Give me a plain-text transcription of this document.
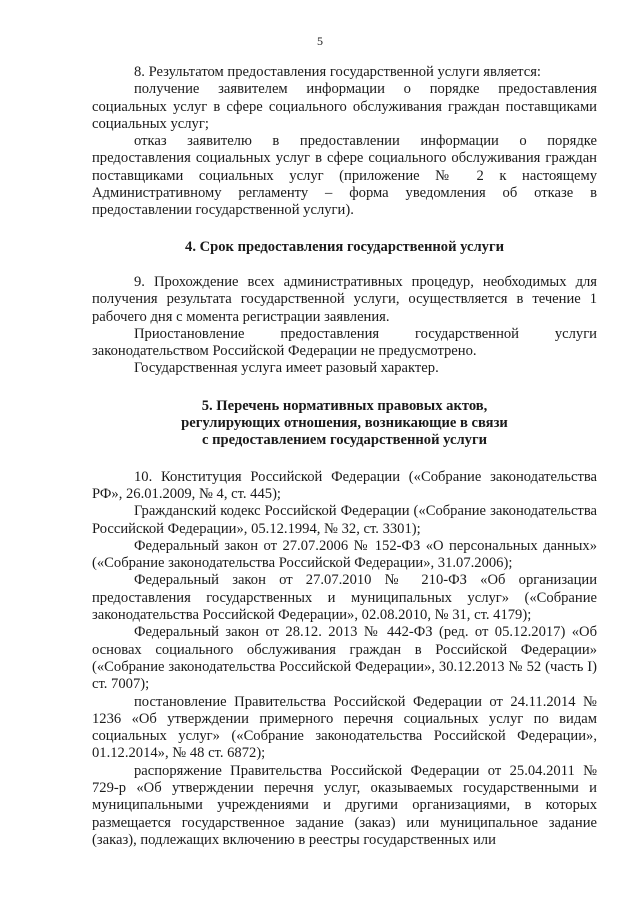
5

8. Результатом предоставления государственной услуги является:

получение заявителем информации о порядке предоставления социальных услуг в сфере социального обслуживания граждан поставщиками социальных услуг;

отказ заявителю в предоставлении информации о порядке предоставления социальных услуг в сфере социального обслуживания граждан поставщиками социальных услуг (приложение № 2 к настоящему Административному регламенту – форма уведомления об отказе в предоставлении государственной услуги).

4. Срок предоставления государственной услуги

9. Прохождение всех административных процедур, необходимых для получения результата государственной услуги, осуществляется в течение 1 рабочего дня с момента регистрации заявления.

Приостановление предоставления государственной услуги законодательством Российской Федерации не предусмотрено.

Государственная услуга имеет разовый характер.

5. Перечень нормативных правовых актов,
регулирующих отношения, возникающие в связи
с предоставлением государственной услуги

10. Конституция Российской Федерации («Собрание законодательства РФ», 26.01.2009, № 4, ст. 445);

Гражданский кодекс Российской Федерации («Собрание законодательства Российской Федерации», 05.12.1994, № 32, ст. 3301);

Федеральный закон от 27.07.2006 № 152-ФЗ «О персональных данных» («Собрание законодательства Российской Федерации», 31.07.2006);

Федеральный закон от 27.07.2010 № 210-ФЗ «Об организации предоставления государственных и муниципальных услуг» («Собрание законодательства Российской Федерации», 02.08.2010, № 31, ст. 4179);

Федеральный закон от 28.12. 2013 № 442-ФЗ (ред. от 05.12.2017) «Об основах социального обслуживания граждан в Российской Федерации» («Собрание законодательства Российской Федерации», 30.12.2013 № 52 (часть I) ст. 7007);

постановление Правительства Российской Федерации от 24.11.2014 № 1236 «Об утверждении примерного перечня социальных услуг по видам социальных услуг» («Собрание законодательства Российской Федерации», 01.12.2014», № 48 ст. 6872);

распоряжение Правительства Российской Федерации от 25.04.2011 № 729-р «Об утверждении перечня услуг, оказываемых государственными и муниципальными учреждениями и другими организациями, в которых размещается государственное задание (заказ) или муниципальное задание (заказ), подлежащих включению в реестры государственных или
